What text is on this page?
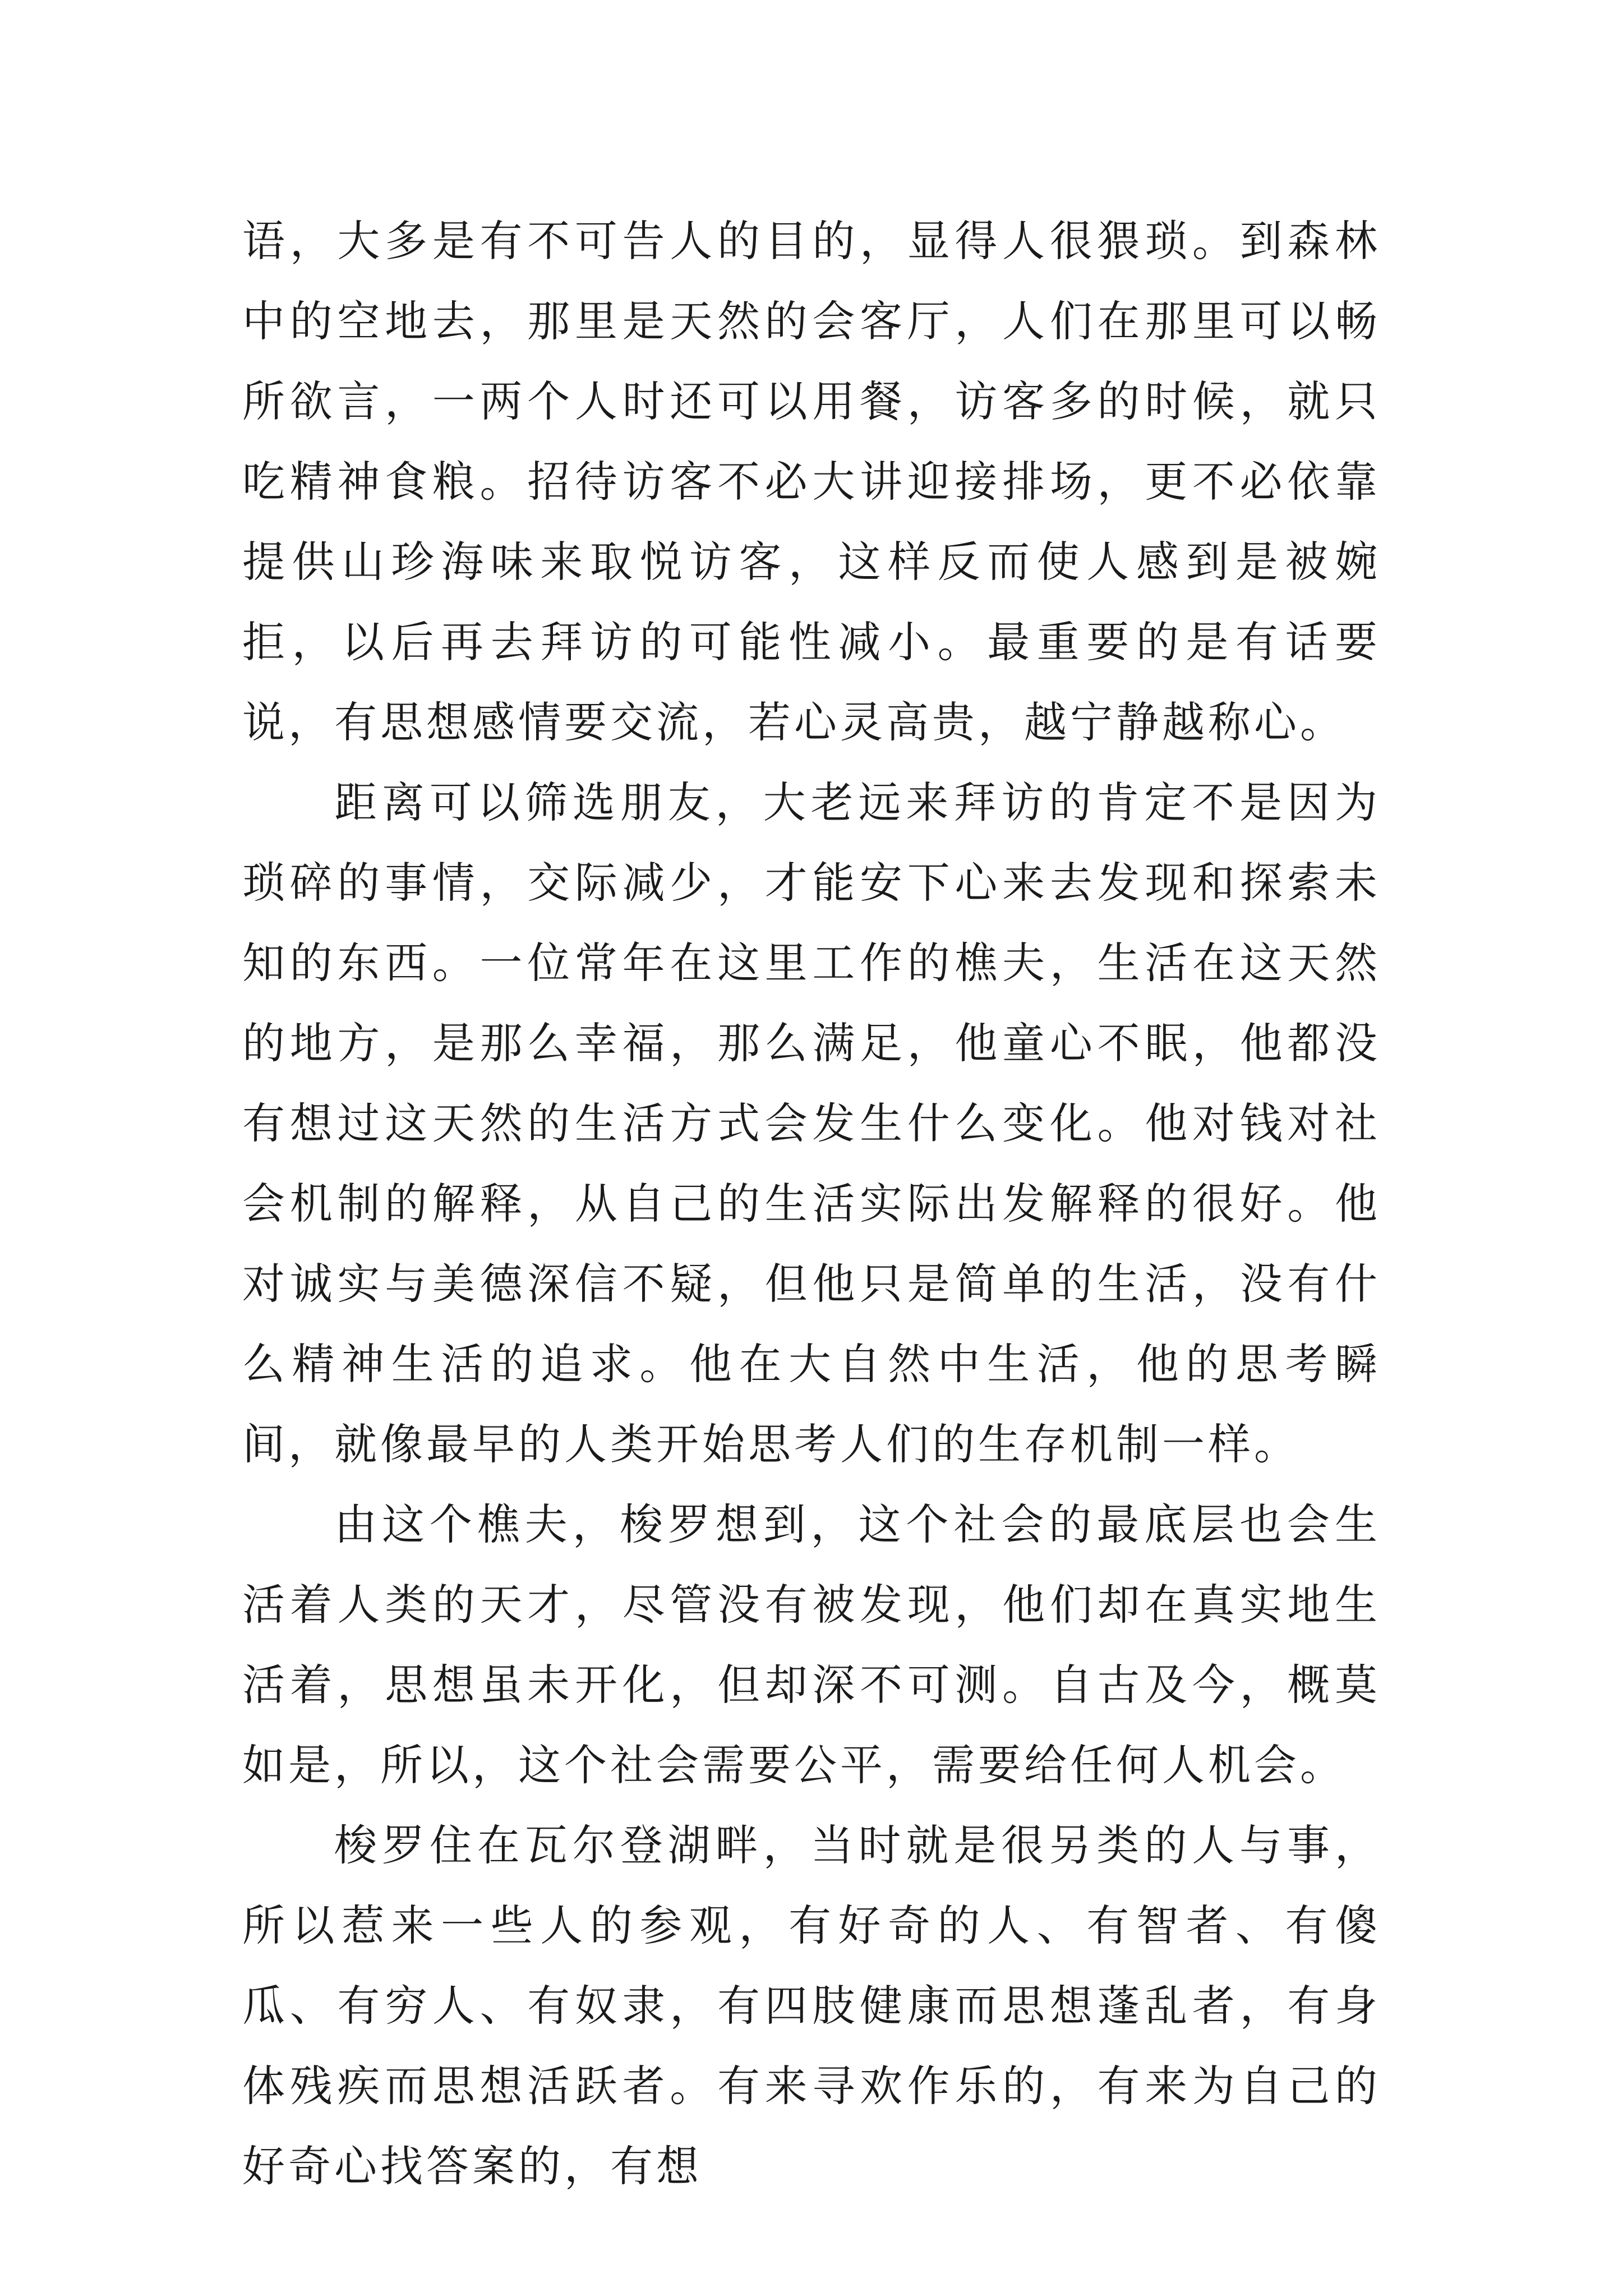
语，大多是有不可告人的目的，显得人很猥琐。到森林中的空地去，那里是天然的会客厅，人们在那里可以畅所欲言，一两个人时还可以用餐，访客多的时候，就只吃精神食粮。招待访客不必大讲迎接排场，更不必依靠提供山珍海味来取悦访客，这样反而使人感到是被婉拒，以后再去拜访的可能性减小。最重要的是有话要说，有思想感情要交流，若心灵高贵，越宁静越称心。

距离可以筛选朋友，大老远来拜访的肯定不是因为琐碎的事情，交际减少，才能安下心来去发现和探索未知的东西。一位常年在这里工作的樵夫，生活在这天然的地方，是那么幸福，那么满足，他童心不眠，他都没有想过这天然的生活方式会发生什么变化。他对钱对社会机制的解释，从自己的生活实际出发解释的很好。他对诚实与美德深信不疑，但他只是简单的生活，没有什么精神生活的追求。他在大自然中生活，他的思考瞬间，就像最早的人类开始思考人们的生存机制一样。

由这个樵夫，梭罗想到，这个社会的最底层也会生活着人类的天才，尽管没有被发现，他们却在真实地生活着，思想虽未开化，但却深不可测。自古及今，概莫如是，所以，这个社会需要公平，需要给任何人机会。

梭罗住在瓦尔登湖畔，当时就是很另类的人与事，所以惹来一些人的参观，有好奇的人、有智者、有傻瓜、有穷人、有奴隶，有四肢健康而思想蓬乱者，有身体残疾而思想活跃者。有来寻欢作乐的，有来为自己的好奇心找答案的，有想
